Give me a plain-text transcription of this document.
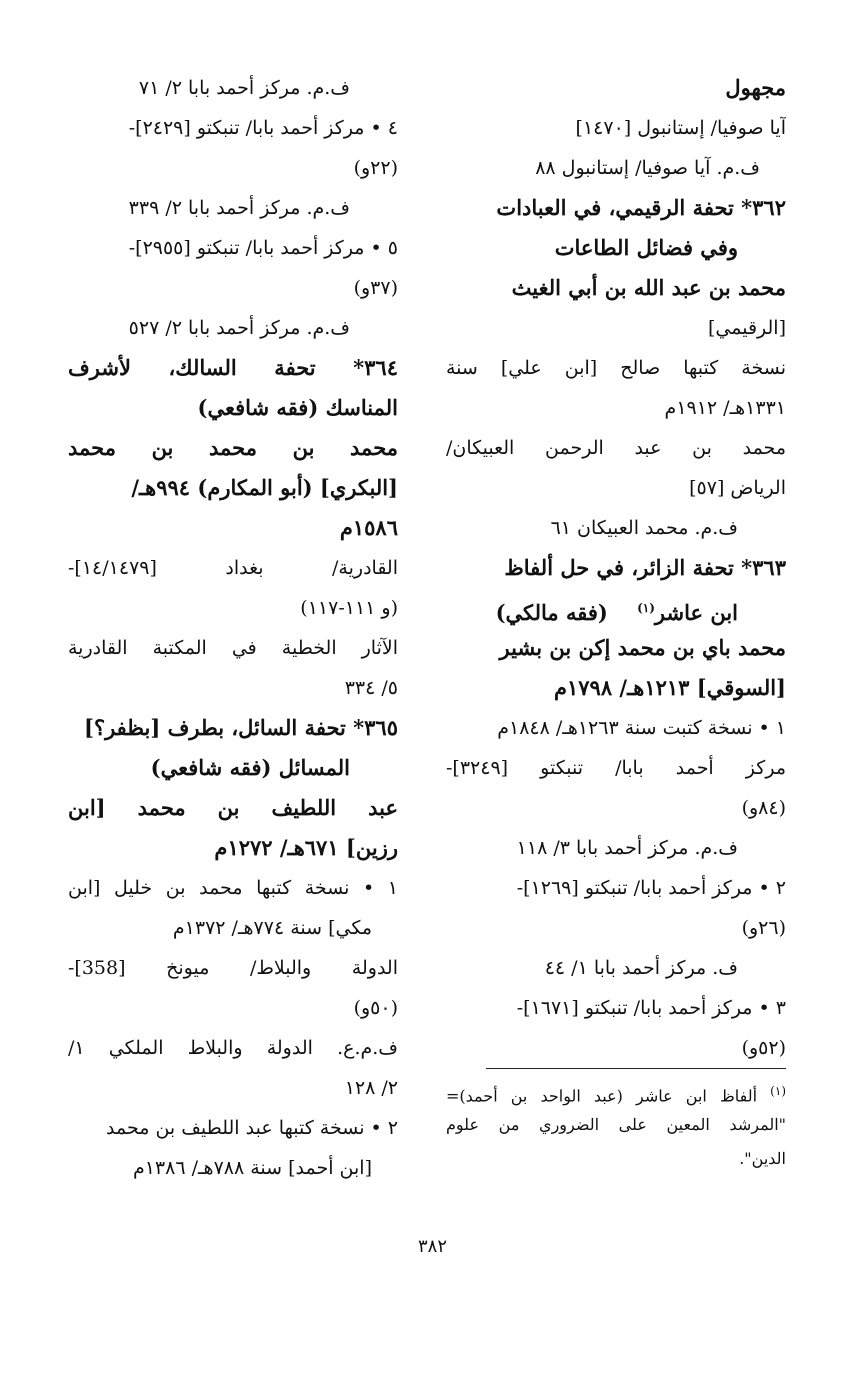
مجهول
آيا صوفيا/ إستانبول [١٤٧٠]
ف.م. آيا صوفيا/ إستانبول ٨٨
٣٦٢* تحفة الرقيمي، في العبادات
وفي فضائل الطاعات
محمد بن عبد الله بن أبي الغيث
[الرقيمي]
نسخة كتبها صالح [ابن علي] سنة
١٣٣١هـ/ ١٩١٢م
محمد بن عبد الرحمن العبيكان/
الرياض [٥٧]
ف.م. محمد العبيكان ٦١
٣٦٣* تحفة الزائر، في حل ألفاظ
ابن عاشر$^{(١)}$    (فقه مالكي)
محمد باي بن محمد إكن بن بشير
[السوقي] ١٢١٣هـ/ ١٧٩٨م
١ • نسخة كتبت سنة ١٢٦٣هـ/ ١٨٤٨م
مركز أحمد بابا/ تنبكتو [٣٢٤٩]-
(٨٤و)
ف.م. مركز أحمد بابا ٣/ ١١٨
٢ • مركز أحمد بابا/ تنبكتو [١٢٦٩]-
(٢٦و)
ف. مركز أحمد بابا ١/ ٤٤
٣ • مركز أحمد بابا/ تنبكتو [١٦٧١]-
(٥٢و)
ف.م. مركز أحمد بابا ٢/ ٧١
٤ • مركز أحمد بابا/ تنبكتو [٢٤٢٩]-
(٢٢و)
ف.م. مركز أحمد بابا ٢/ ٣٣٩
٥ • مركز أحمد بابا/ تنبكتو [٢٩٥٥]-
(٣٧و)
ف.م. مركز أحمد بابا ٢/ ٥٢٧
٣٦٤* تحفة السالك، لأشرف
المناسك (فقه شافعي)
محمد بن محمد بن محمد
[البكري] (أبو المكارم) ٩٩٤هـ/
١٥٨٦م
القادرية/ بغداد [١٤/١٤٧٩]-
(و ١١١-١١٧)
الآثار الخطية في المكتبة القادرية
٥/ ٣٣٤
٣٦٥* تحفة السائل، بطرف [بظفر؟]
المسائل (فقه شافعي)
عبد اللطيف بن محمد [ابن
رزين] ٦٧١هـ/ ١٢٧٢م
١ • نسخة كتبها محمد بن خليل [ابن
مكي] سنة ٧٧٤هـ/ ١٣٧٢م
الدولة والبلاط/ ميونخ [358]-
(٥٠و)
ف.م.ع. الدولة والبلاط الملكي ١/
٢/ ١٢٨
٢ • نسخة كتبها عبد اللطيف بن محمد
[ابن أحمد] سنة ٧٨٨هـ/ ١٣٨٦م
$^{(١)}$ ألفاظ ابن عاشر (عبد الواحد بن أحمد)=
"المرشد المعين على الضروري من علوم
الدين".
٣٨٢
